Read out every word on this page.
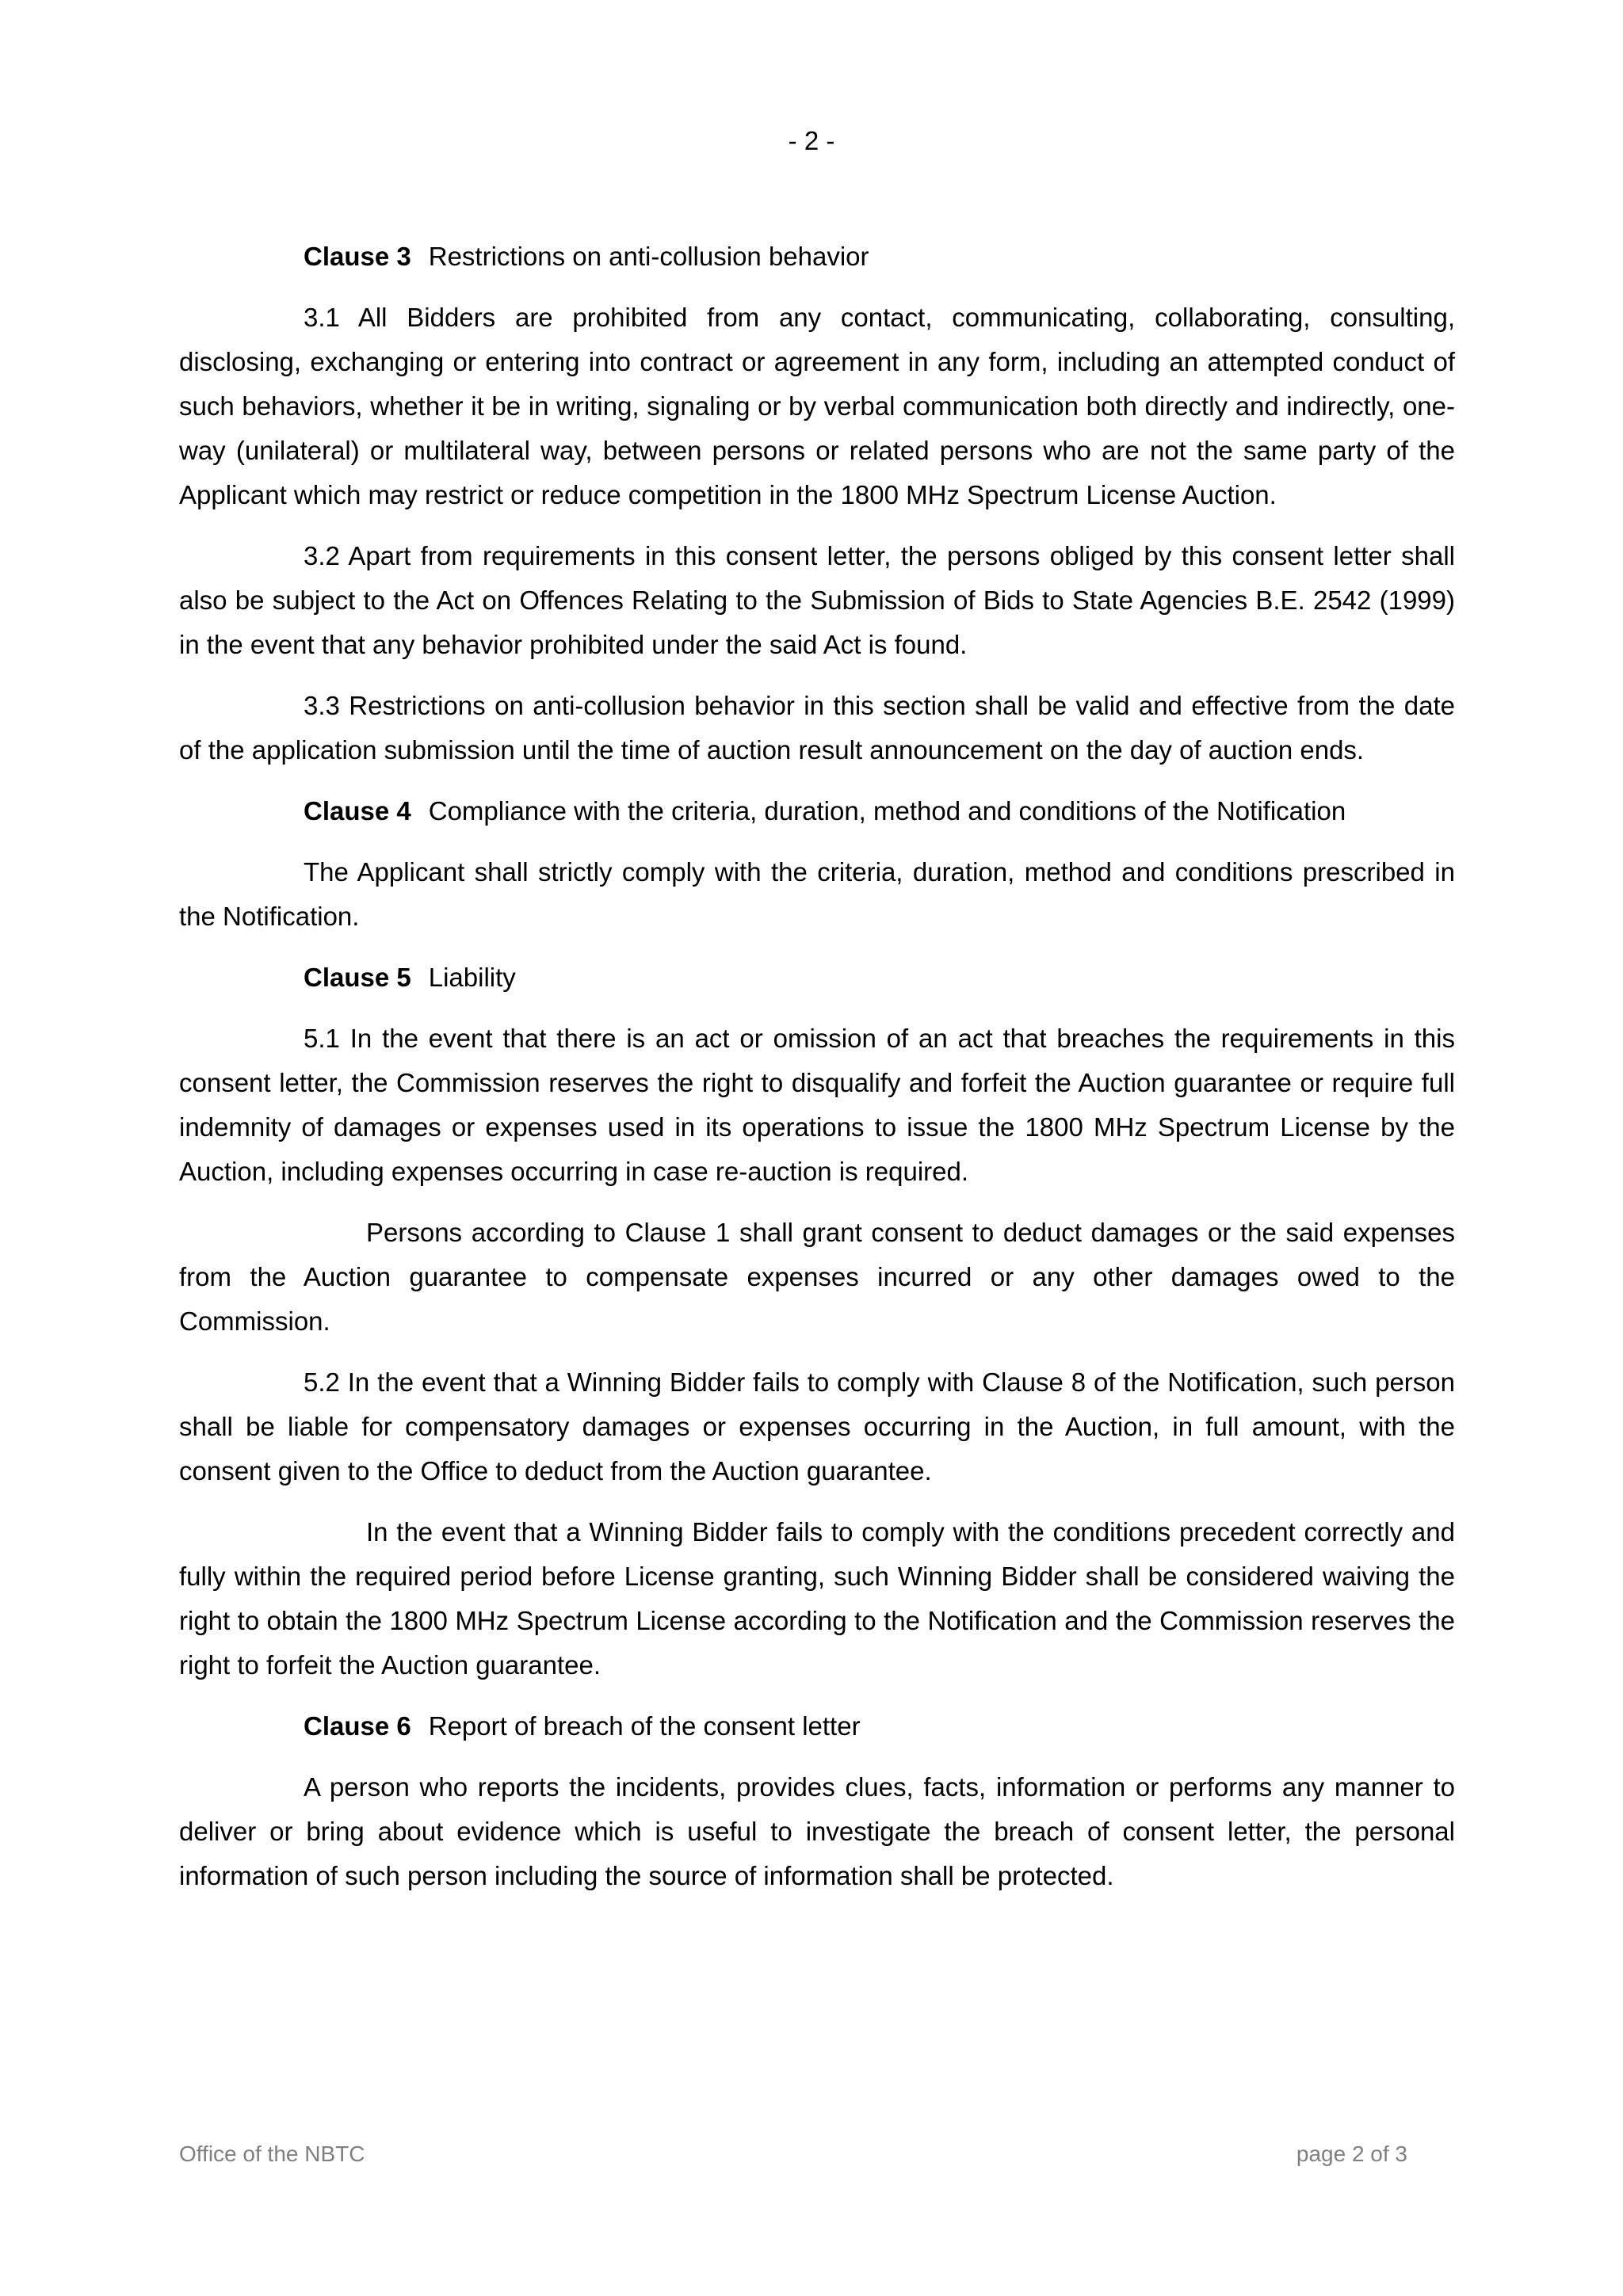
- 2 -

Clause 3 Restrictions on anti-collusion behavior

3.1 All Bidders are prohibited from any contact, communicating, collaborating, consulting, disclosing, exchanging or entering into contract or agreement in any form, including an attempted conduct of such behaviors, whether it be in writing, signaling or by verbal communication both directly and indirectly, one-way (unilateral) or multilateral way, between persons or related persons who are not the same party of the Applicant which may restrict or reduce competition in the 1800 MHz Spectrum License Auction.

3.2 Apart from requirements in this consent letter, the persons obliged by this consent letter shall also be subject to the Act on Offences Relating to the Submission of Bids to State Agencies B.E. 2542 (1999) in the event that any behavior prohibited under the said Act is found.

3.3 Restrictions on anti-collusion behavior in this section shall be valid and effective from the date of the application submission until the time of auction result announcement on the day of auction ends.

Clause 4 Compliance with the criteria, duration, method and conditions of the Notification

The Applicant shall strictly comply with the criteria, duration, method and conditions prescribed in the Notification.

Clause 5 Liability

5.1 In the event that there is an act or omission of an act that breaches the requirements in this consent letter, the Commission reserves the right to disqualify and forfeit the Auction guarantee or require full indemnity of damages or expenses used in its operations to issue the 1800 MHz Spectrum License by the Auction, including expenses occurring in case re-auction is required.

Persons according to Clause 1 shall grant consent to deduct damages or the said expenses from the Auction guarantee to compensate expenses incurred or any other damages owed to the Commission.

5.2 In the event that a Winning Bidder fails to comply with Clause 8 of the Notification, such person shall be liable for compensatory damages or expenses occurring in the Auction, in full amount, with the consent given to the Office to deduct from the Auction guarantee.

In the event that a Winning Bidder fails to comply with the conditions precedent correctly and fully within the required period before License granting, such Winning Bidder shall be considered waiving the right to obtain the 1800 MHz Spectrum License according to the Notification and the Commission reserves the right to forfeit the Auction guarantee.

Clause 6 Report of breach of the consent letter

A person who reports the incidents, provides clues, facts, information or performs any manner to deliver or bring about evidence which is useful to investigate the breach of consent letter, the personal information of such person including the source of information shall be protected.

Office of the NBTC	page 2 of 3
